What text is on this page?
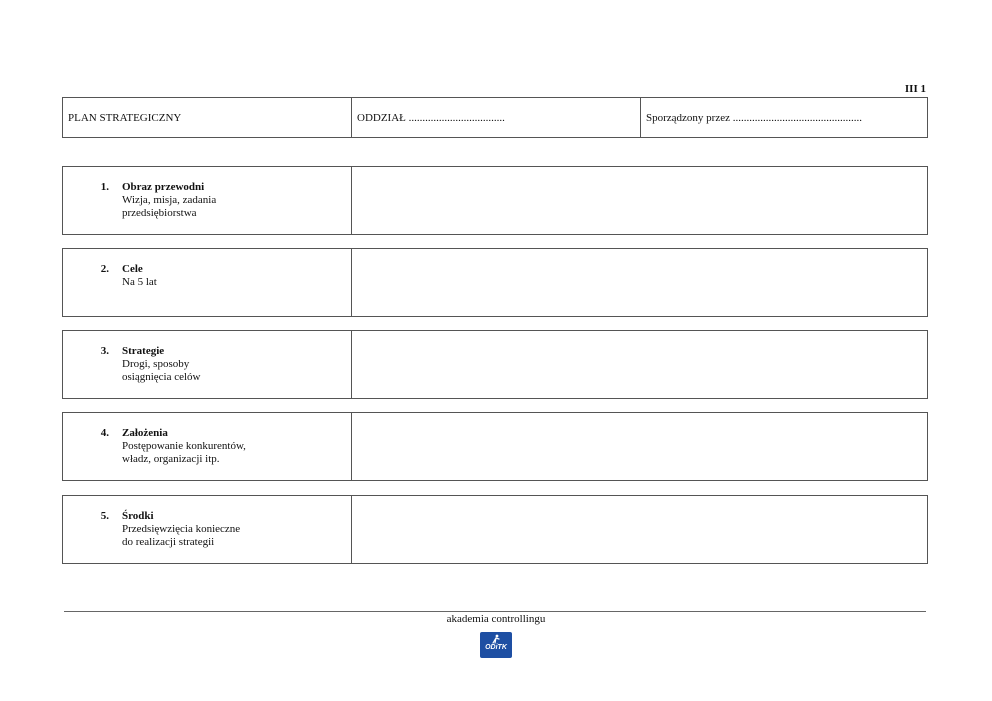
III 1
PLAN STRATEGICZNY	ODDZIAŁ ...................................	Sporządzony przez ...............................................
1. Obraz przewodni
Wizja, misja, zadania
przedsiębiorstwa
2. Cele
Na 5 lat
3. Strategie
Drogi, sposoby
osiągnięcia celów
4. Założenia
Postępowanie konkurentów,
władz, organizacji itp.
5. Środki
Przedsięwzięcia konieczne
do realizacji strategii
akademia controllingu
ODiTK
